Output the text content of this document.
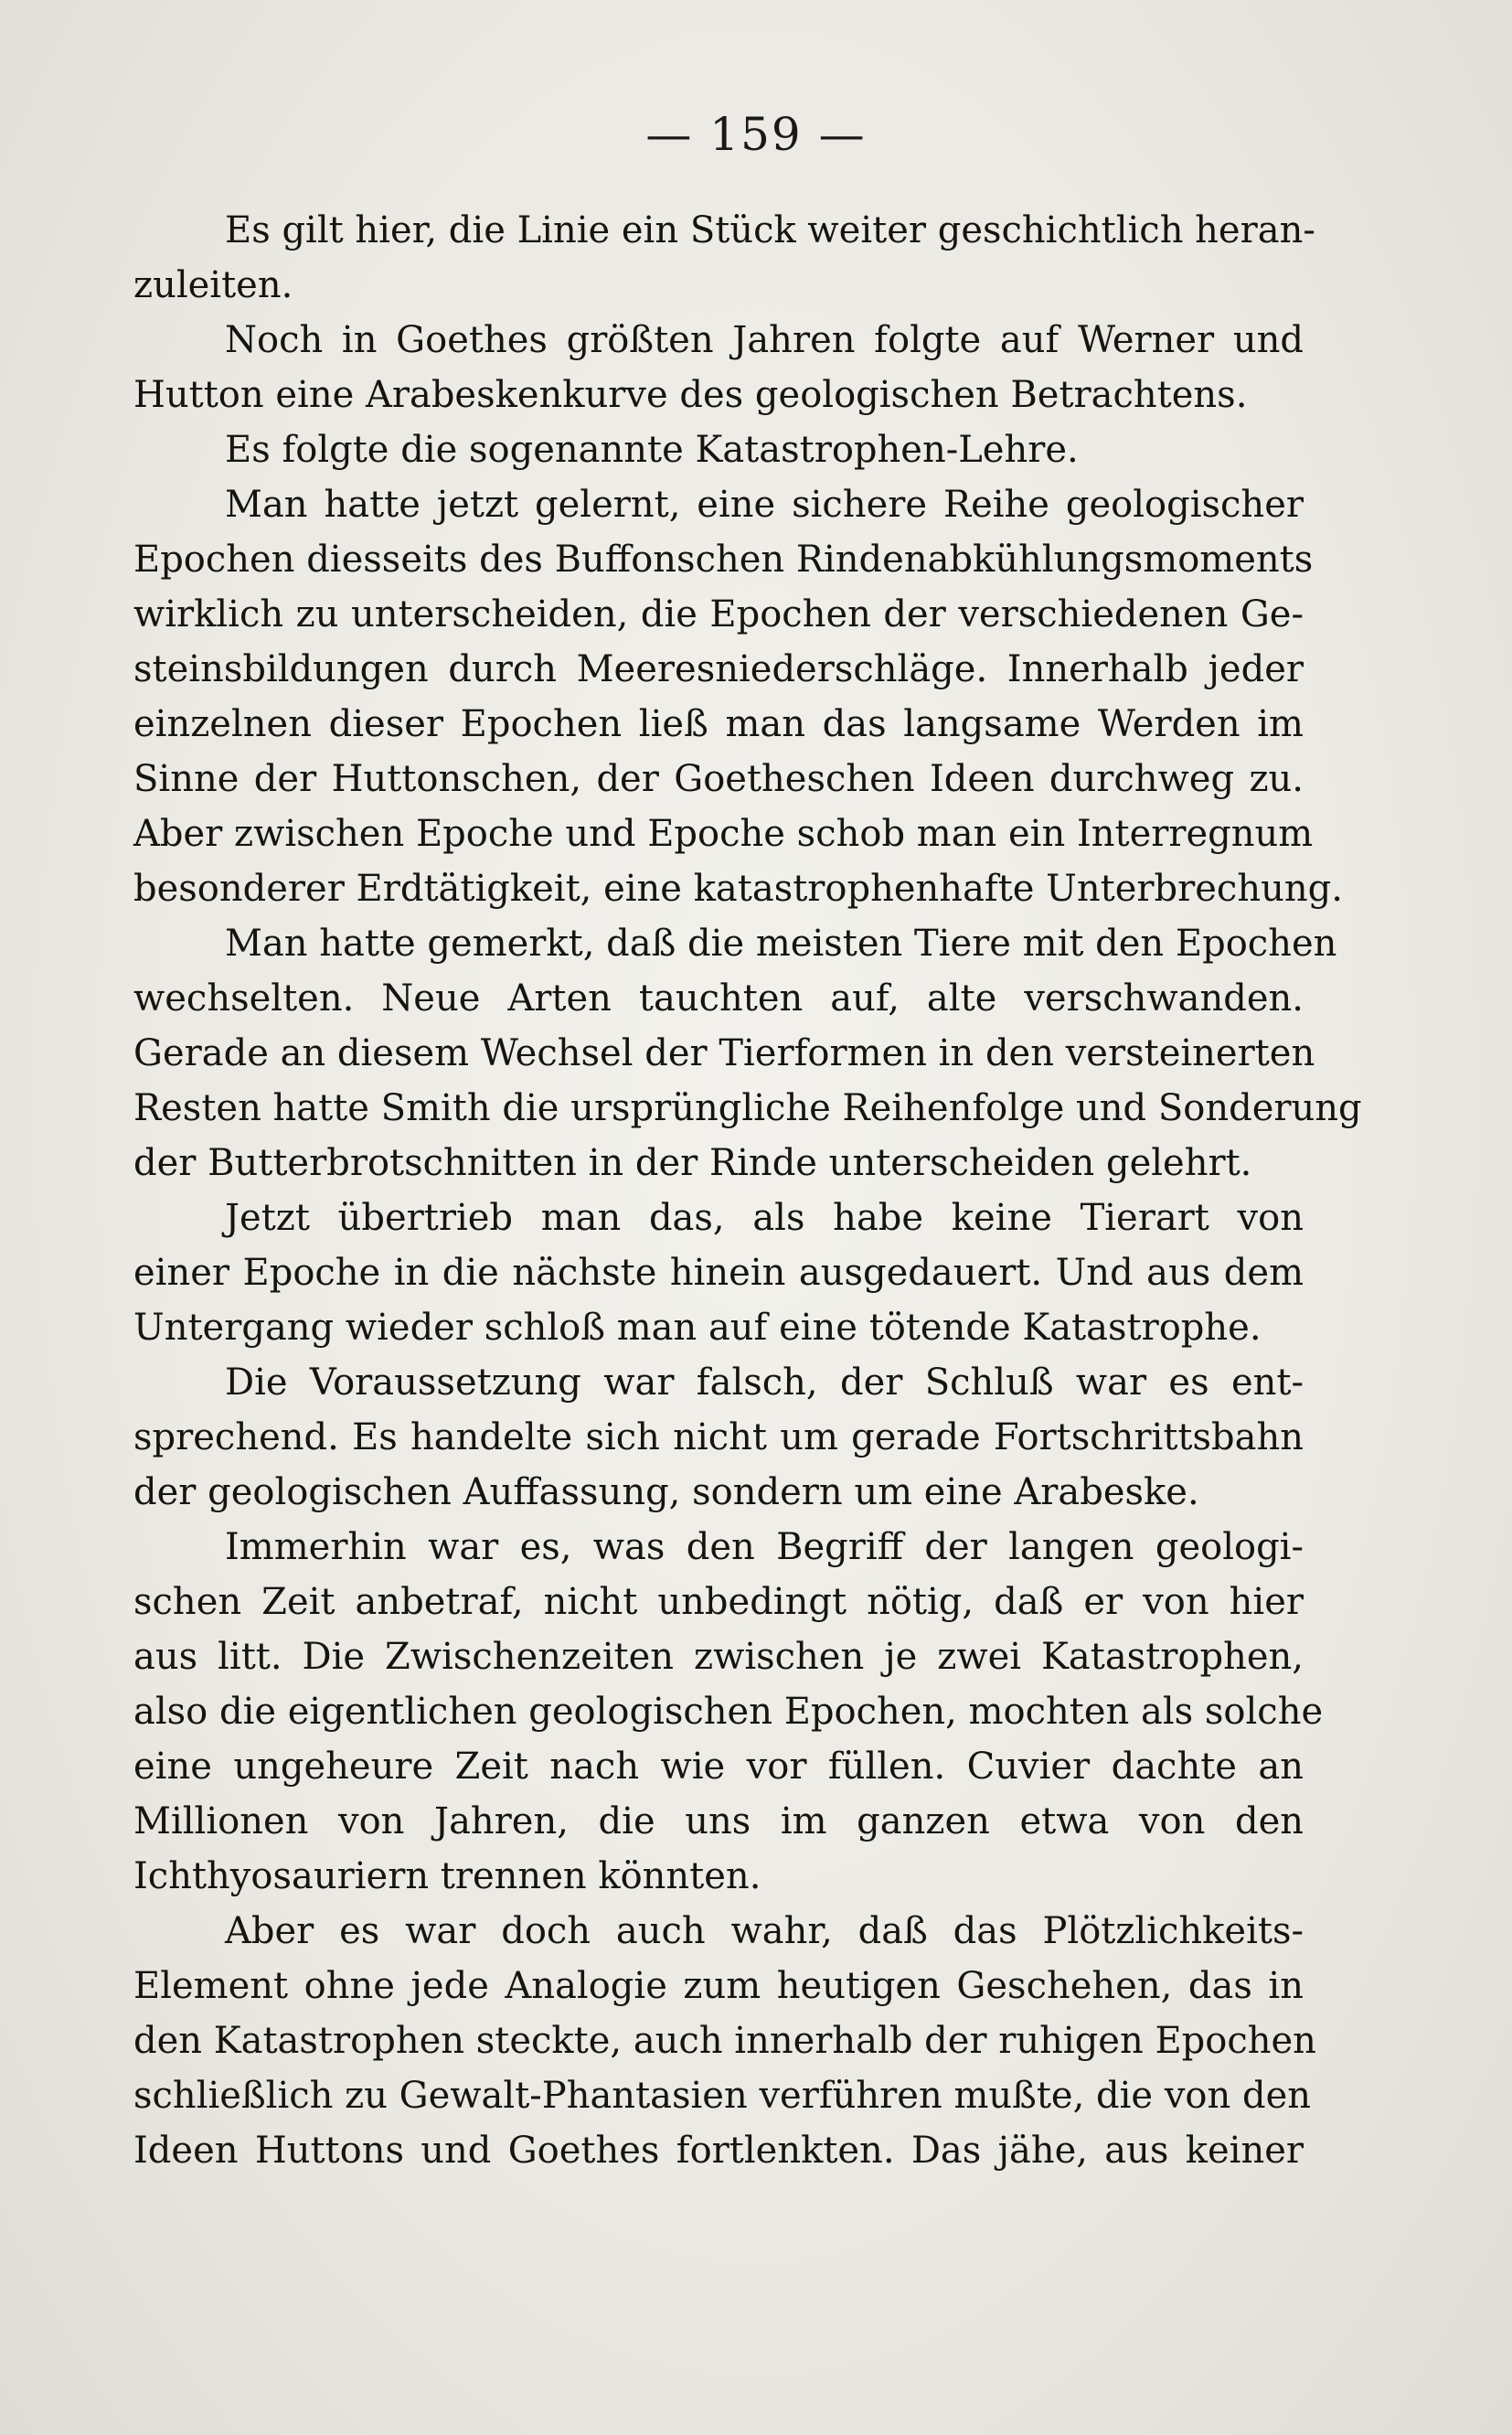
— 159 —
Es gilt hier, die Linie ein Stück weiter geschichtlich heran-
zuleiten.
Noch in Goethes größten Jahren folgte auf Werner und
Hutton eine Arabeskenkurve des geologischen Betrachtens.
Es folgte die sogenannte Katastrophen-Lehre.
Man hatte jetzt gelernt, eine sichere Reihe geologischer
Epochen diesseits des Buffonschen Rindenabkühlungsmoments
wirklich zu unterscheiden, die Epochen der verschiedenen Ge-
steinsbildungen durch Meeresniederschläge. Innerhalb jeder
einzelnen dieser Epochen ließ man das langsame Werden im
Sinne der Huttonschen, der Goetheschen Ideen durchweg zu.
Aber zwischen Epoche und Epoche schob man ein Interregnum
besonderer Erdtätigkeit, eine katastrophenhafte Unterbrechung.
Man hatte gemerkt, daß die meisten Tiere mit den Epochen
wechselten. Neue Arten tauchten auf, alte verschwanden.
Gerade an diesem Wechsel der Tierformen in den versteinerten
Resten hatte Smith die ursprüngliche Reihenfolge und Sonderung
der Butterbrotschnitten in der Rinde unterscheiden gelehrt.
Jetzt übertrieb man das, als habe keine Tierart von
einer Epoche in die nächste hinein ausgedauert. Und aus dem
Untergang wieder schloß man auf eine tötende Katastrophe.
Die Voraussetzung war falsch, der Schluß war es ent-
sprechend. Es handelte sich nicht um gerade Fortschrittsbahn
der geologischen Auffassung, sondern um eine Arabeske.
Immerhin war es, was den Begriff der langen geologi-
schen Zeit anbetraf, nicht unbedingt nötig, daß er von hier
aus litt. Die Zwischenzeiten zwischen je zwei Katastrophen,
also die eigentlichen geologischen Epochen, mochten als solche
eine ungeheure Zeit nach wie vor füllen. Cuvier dachte an
Millionen von Jahren, die uns im ganzen etwa von den
Ichthyosauriern trennen könnten.
Aber es war doch auch wahr, daß das Plötzlichkeits-
Element ohne jede Analogie zum heutigen Geschehen, das in
den Katastrophen steckte, auch innerhalb der ruhigen Epochen
schließlich zu Gewalt-Phantasien verführen mußte, die von den
Ideen Huttons und Goethes fortlenkten. Das jähe, aus keiner
